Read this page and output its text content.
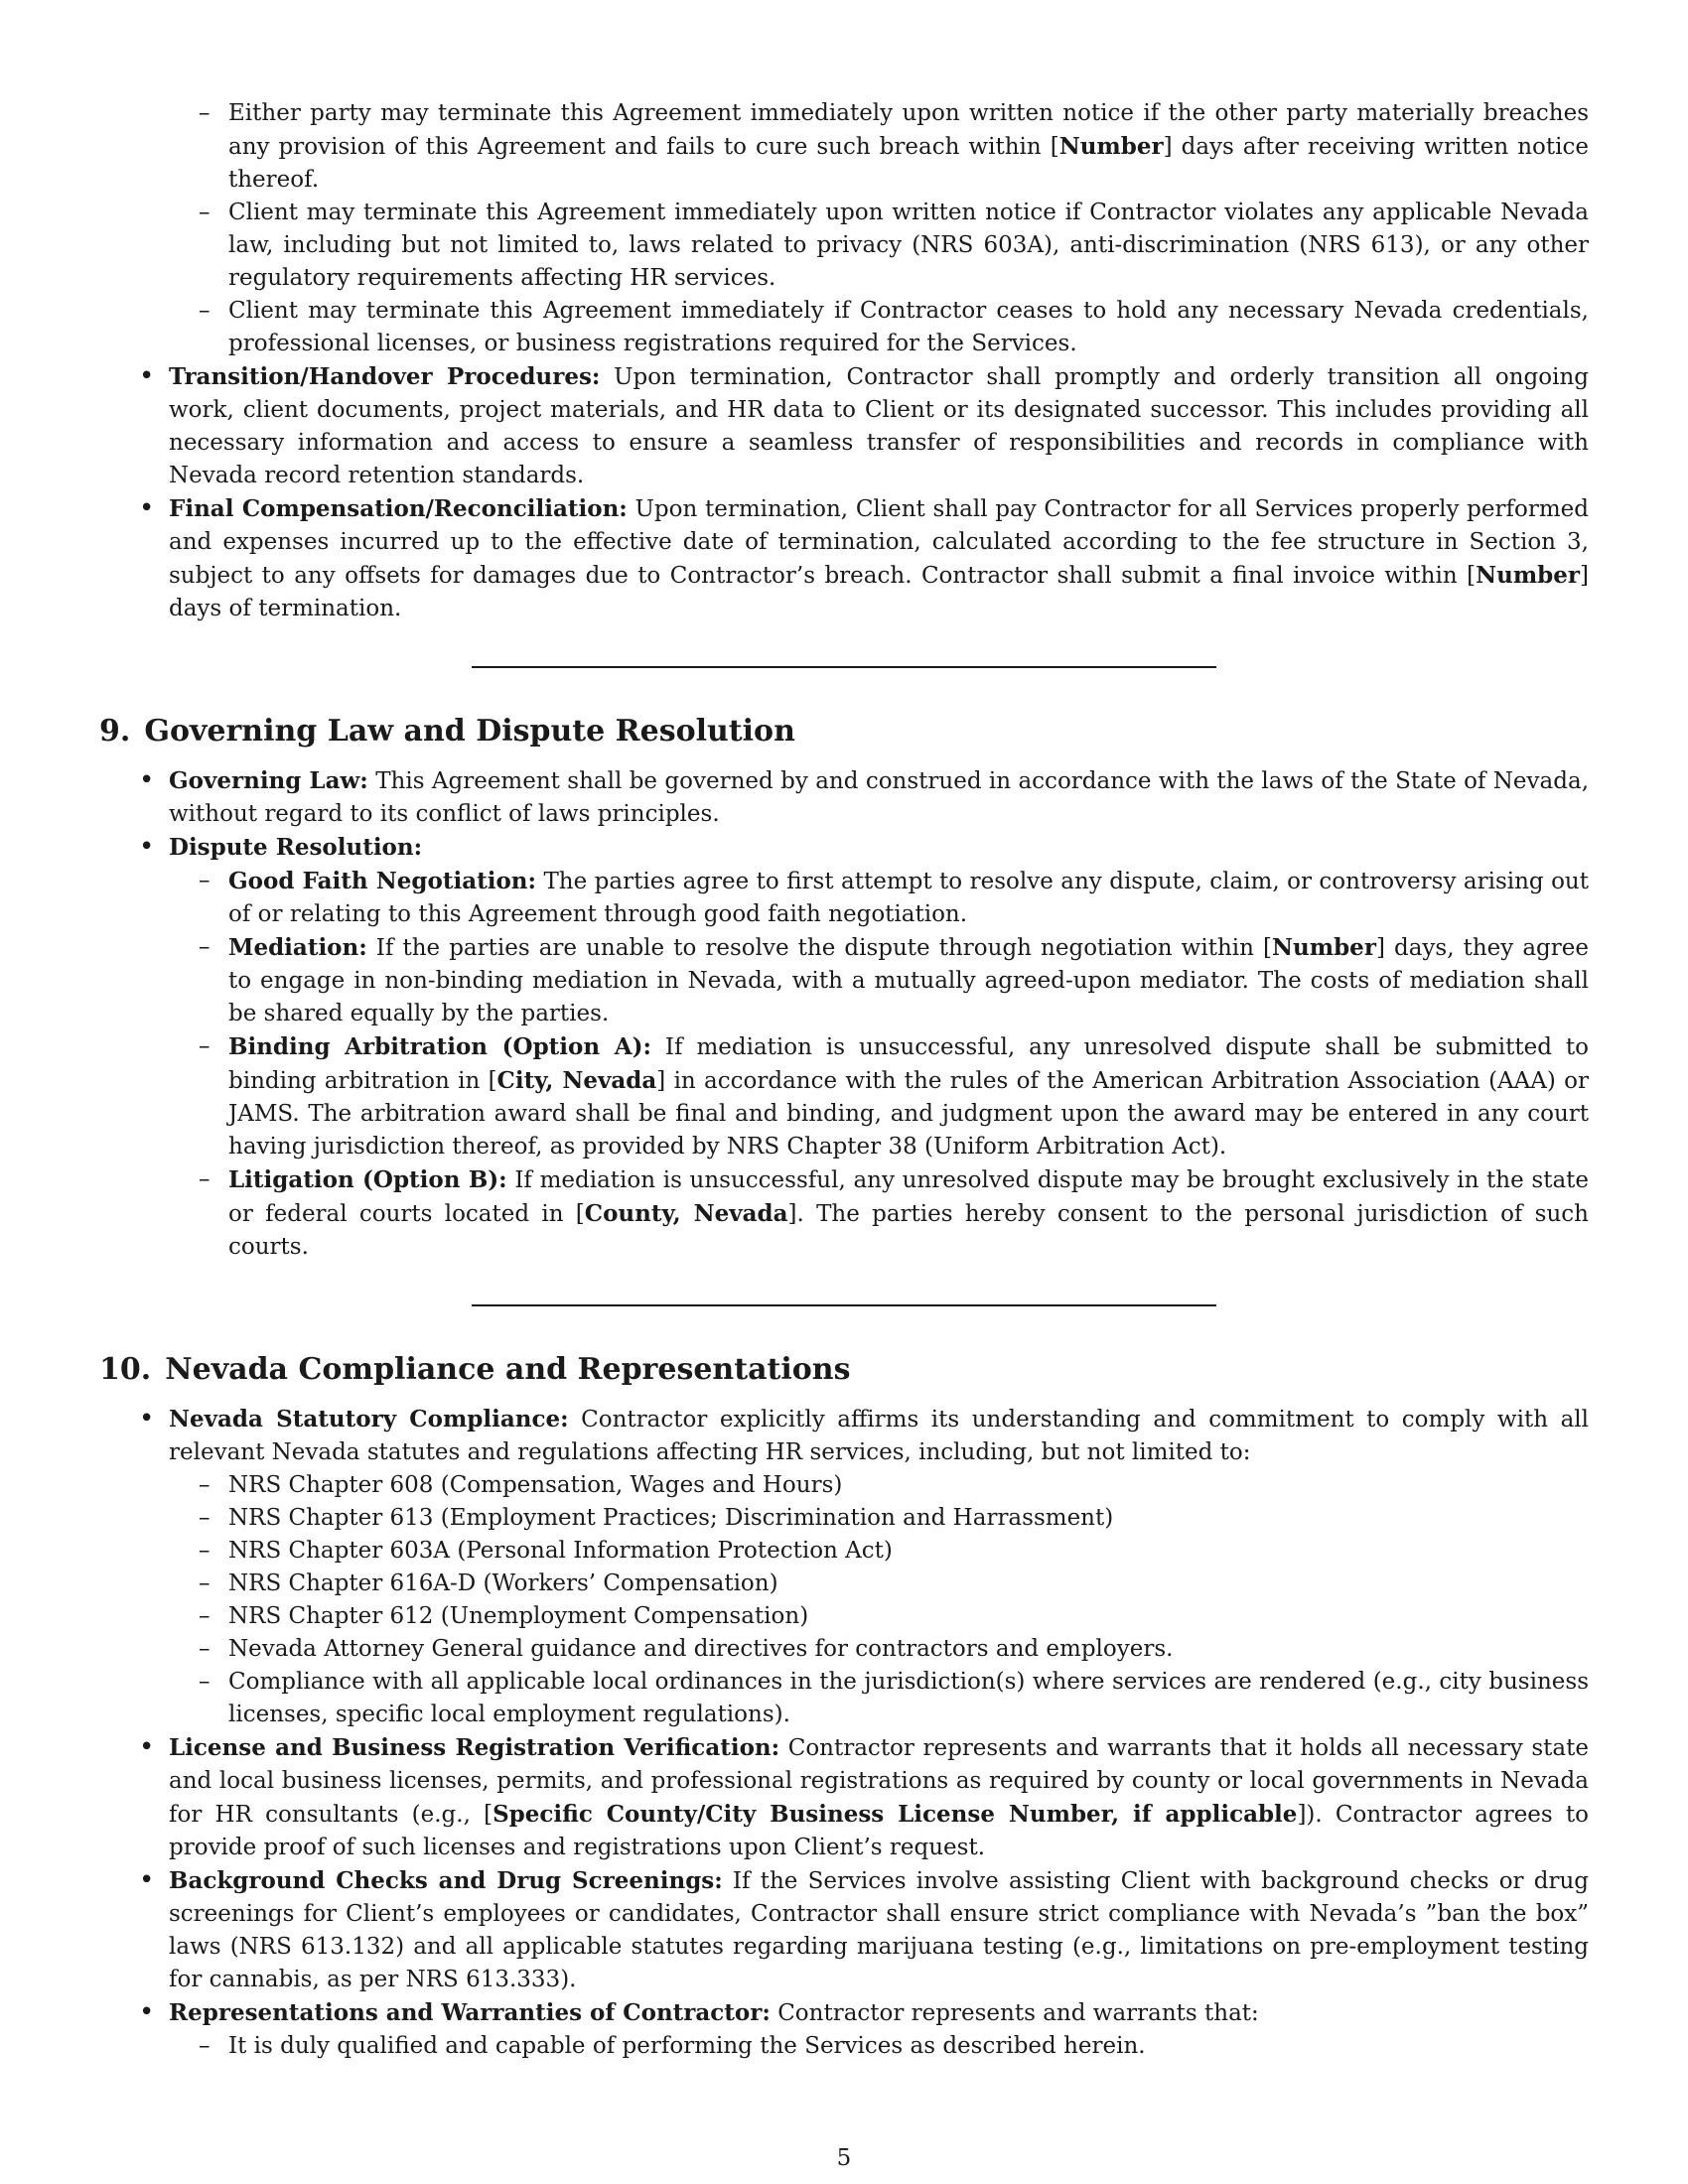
– Either party may terminate this Agreement immediately upon written notice if the other party materially breaches any provision of this Agreement and fails to cure such breach within [Number] days after receiving written notice thereof.
– Client may terminate this Agreement immediately upon written notice if Contractor violates any applicable Nevada law, including but not limited to, laws related to privacy (NRS 603A), anti-discrimination (NRS 613), or any other regulatory requirements affecting HR services.
– Client may terminate this Agreement immediately if Contractor ceases to hold any necessary Nevada credentials, professional licenses, or business registrations required for the Services.
• Transition/Handover Procedures: Upon termination, Contractor shall promptly and orderly transition all ongoing work, client documents, project materials, and HR data to Client or its designated successor. This includes providing all necessary information and access to ensure a seamless transfer of responsibilities and records in compliance with Nevada record retention standards.
• Final Compensation/Reconciliation: Upon termination, Client shall pay Contractor for all Services properly performed and expenses incurred up to the effective date of termination, calculated according to the fee structure in Section 3, subject to any offsets for damages due to Contractor’s breach. Contractor shall submit a final invoice within [Number] days of termination.
9. Governing Law and Dispute Resolution
• Governing Law: This Agreement shall be governed by and construed in accordance with the laws of the State of Nevada, without regard to its conflict of laws principles.
• Dispute Resolution:
– Good Faith Negotiation: The parties agree to first attempt to resolve any dispute, claim, or controversy arising out of or relating to this Agreement through good faith negotiation.
– Mediation: If the parties are unable to resolve the dispute through negotiation within [Number] days, they agree to engage in non-binding mediation in Nevada, with a mutually agreed-upon mediator. The costs of mediation shall be shared equally by the parties.
– Binding Arbitration (Option A): If mediation is unsuccessful, any unresolved dispute shall be submitted to binding arbitration in [City, Nevada] in accordance with the rules of the American Arbitration Association (AAA) or JAMS. The arbitration award shall be final and binding, and judgment upon the award may be entered in any court having jurisdiction thereof, as provided by NRS Chapter 38 (Uniform Arbitration Act).
– Litigation (Option B): If mediation is unsuccessful, any unresolved dispute may be brought exclusively in the state or federal courts located in [County, Nevada]. The parties hereby consent to the personal jurisdiction of such courts.
10. Nevada Compliance and Representations
• Nevada Statutory Compliance: Contractor explicitly affirms its understanding and commitment to comply with all relevant Nevada statutes and regulations affecting HR services, including, but not limited to:
– NRS Chapter 608 (Compensation, Wages and Hours)
– NRS Chapter 613 (Employment Practices; Discrimination and Harrassment)
– NRS Chapter 603A (Personal Information Protection Act)
– NRS Chapter 616A-D (Workers’ Compensation)
– NRS Chapter 612 (Unemployment Compensation)
– Nevada Attorney General guidance and directives for contractors and employers.
– Compliance with all applicable local ordinances in the jurisdiction(s) where services are rendered (e.g., city business licenses, specific local employment regulations).
• License and Business Registration Verification: Contractor represents and warrants that it holds all necessary state and local business licenses, permits, and professional registrations as required by county or local governments in Nevada for HR consultants (e.g., [Specific County/City Business License Number, if applicable]). Contractor agrees to provide proof of such licenses and registrations upon Client’s request.
• Background Checks and Drug Screenings: If the Services involve assisting Client with background checks or drug screenings for Client’s employees or candidates, Contractor shall ensure strict compliance with Nevada’s ”ban the box” laws (NRS 613.132) and all applicable statutes regarding marijuana testing (e.g., limitations on pre-employment testing for cannabis, as per NRS 613.333).
• Representations and Warranties of Contractor: Contractor represents and warrants that:
– It is duly qualified and capable of performing the Services as described herein.
5
